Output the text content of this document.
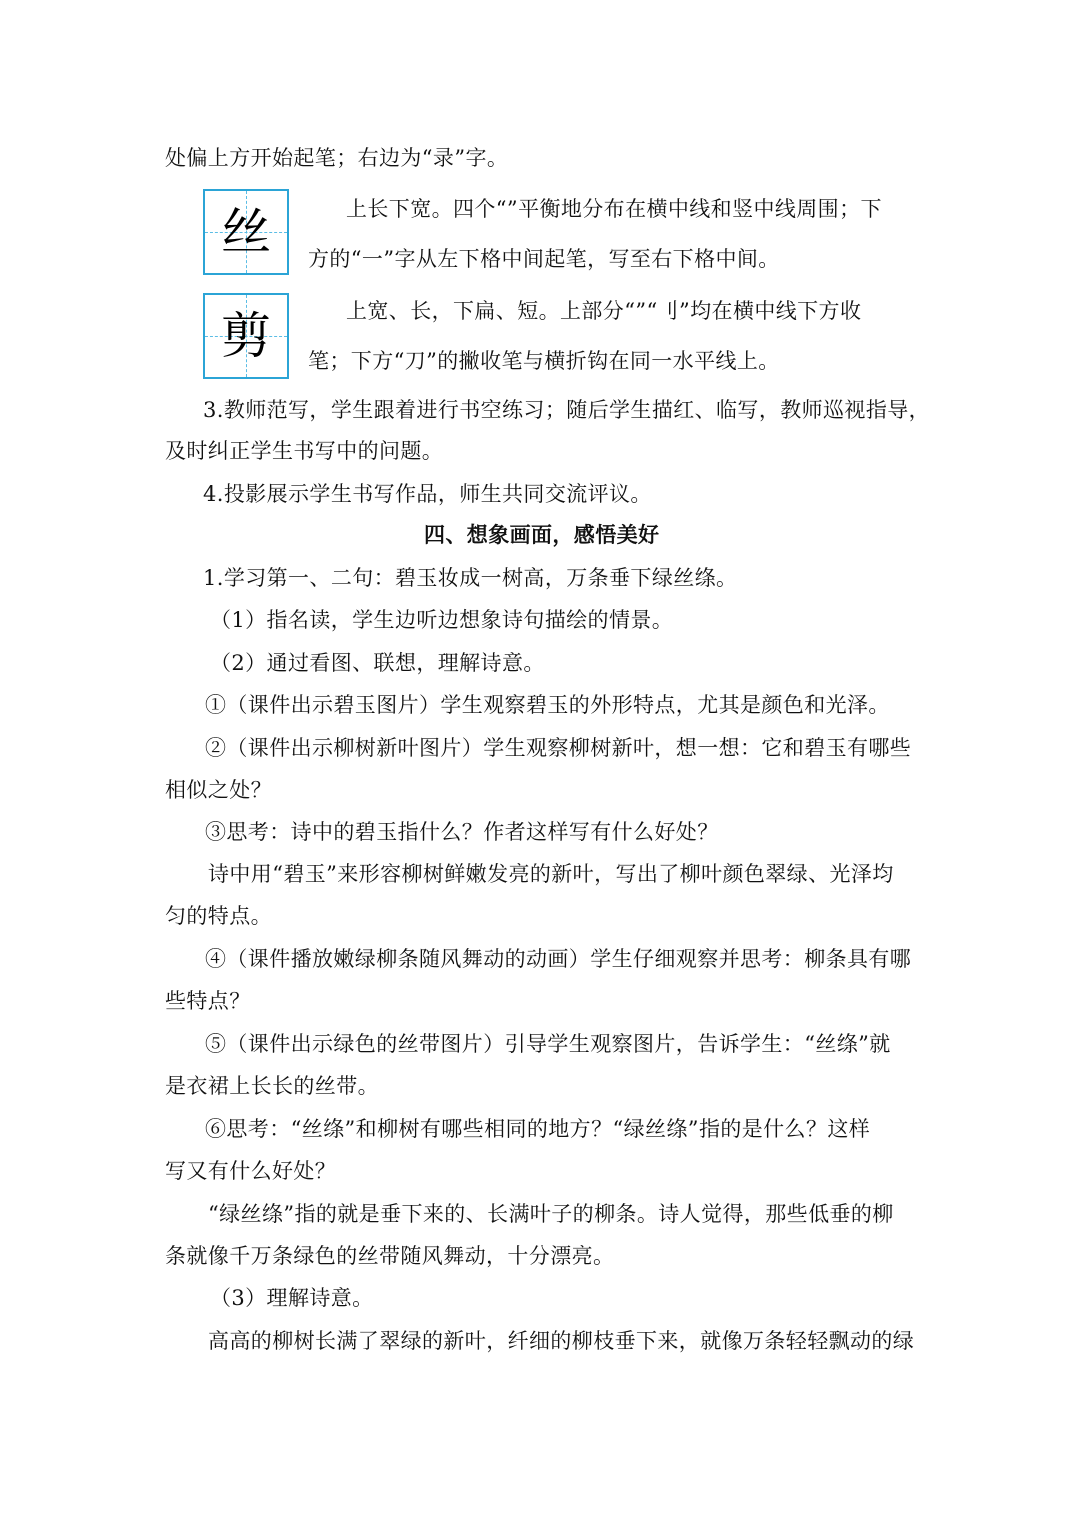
丝
剪
处偏上方开始起笔；右边为“录”字。
上长下宽。四个“”平衡地分布在横中线和竖中线周围；下
方的“一”字从左下格中间起笔，写至右下格中间。
上宽、长，下扁、短。上部分“”“刂”均在横中线下方收
笔；下方“刀”的撇收笔与横折钩在同一水平线上。
3.教师范写，学生跟着进行书空练习；随后学生描红、临写，教师巡视指导，
及时纠正学生书写中的问题。
4.投影展示学生书写作品，师生共同交流评议。
四、想象画面，感悟美好
1.学习第一、二句：碧玉妆成一树高，万条垂下绿丝绦。
（1）指名读，学生边听边想象诗句描绘的情景。
（2）通过看图、联想，理解诗意。
①（课件出示碧玉图片）学生观察碧玉的外形特点，尤其是颜色和光泽。
②（课件出示柳树新叶图片）学生观察柳树新叶，想一想：它和碧玉有哪些
相似之处？
③思考：诗中的碧玉指什么？作者这样写有什么好处？
诗中用“碧玉”来形容柳树鲜嫩发亮的新叶，写出了柳叶颜色翠绿、光泽均
匀的特点。
④（课件播放嫩绿柳条随风舞动的动画）学生仔细观察并思考：柳条具有哪
些特点？
⑤（课件出示绿色的丝带图片）引导学生观察图片，告诉学生：“丝绦”就
是衣裙上长长的丝带。
⑥思考：“丝绦”和柳树有哪些相同的地方？“绿丝绦”指的是什么？这样
写又有什么好处？
“绿丝绦”指的就是垂下来的、长满叶子的柳条。诗人觉得，那些低垂的柳
条就像千万条绿色的丝带随风舞动，十分漂亮。
（3）理解诗意。
高高的柳树长满了翠绿的新叶，纤细的柳枝垂下来，就像万条轻轻飘动的绿
